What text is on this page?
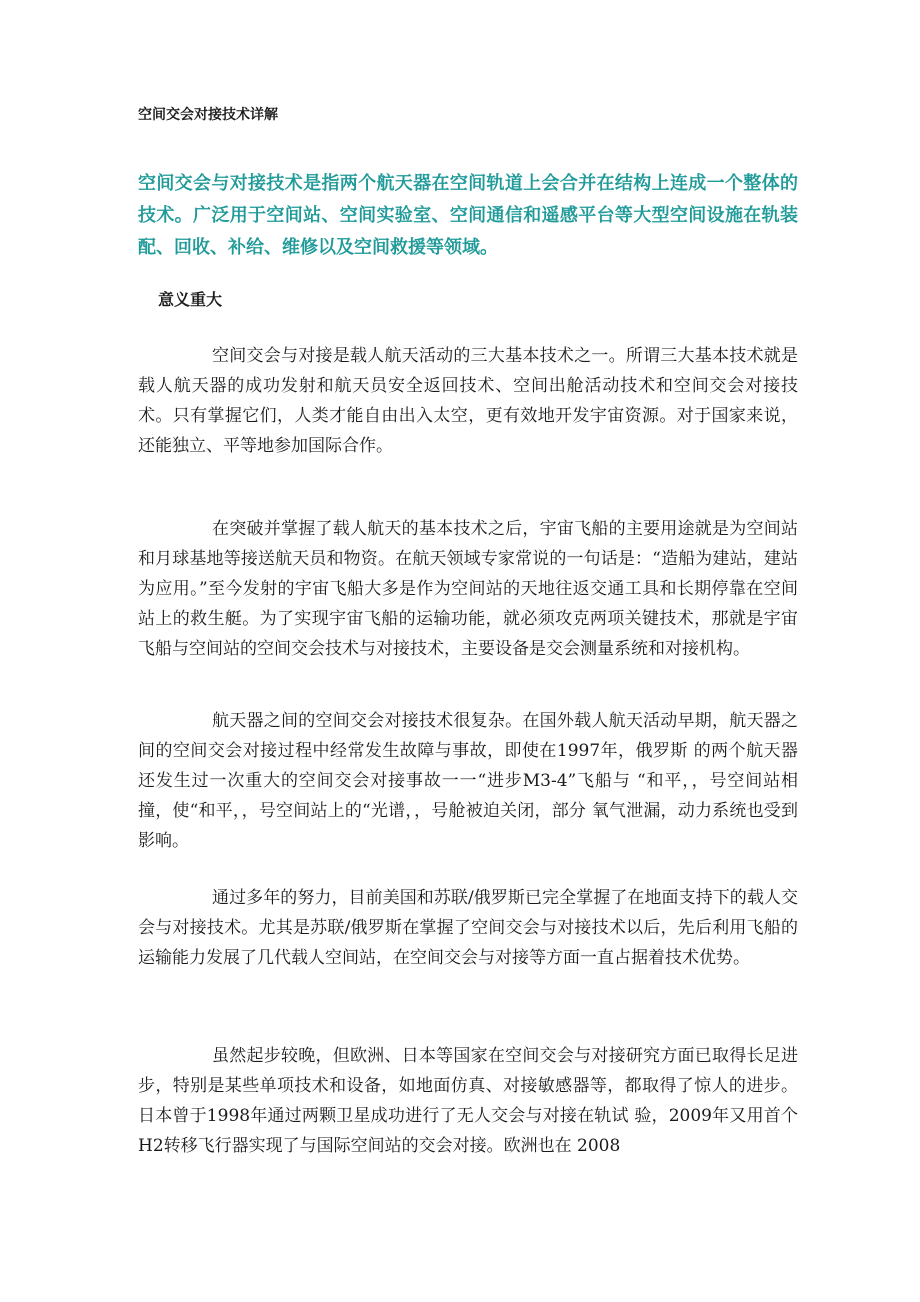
空间交会对接技术详解

空间交会与对接技术是指两个航天器在空间轨道上会合并在结构上连成一个整体的技术。广泛用于空间站、空间实验室、空间通信和遥感平台等大型空间设施在轨装配、回收、补给、维修以及空间救援等领域。

意义重大

空间交会与对接是载人航天活动的三大基本技术之一。所谓三大基本技术就是载人航天器的成功发射和航天员安全返回技术、空间出舱活动技术和空间交会对接技术。只有掌握它们，人类才能自由出入太空，更有效地开发宇宙资源。对于国家来说，还能独立、平等地参加国际合作。

在突破并掌握了载人航天的基本技术之后，宇宙飞船的主要用途就是为空间站和月球基地等接送航天员和物资。在航天领域专家常说的一句话是：“造船为建站，建站为应用。”至今发射的宇宙飞船大多是作为空间站的天地往返交通工具和长期停靠在空间站上的救生艇。为了实现宇宙飞船的运输功能，就必须攻克两项关键技术，那就是宇宙飞船与空间站的空间交会技术与对接技术，主要设备是交会测量系统和对接机构。

航天器之间的空间交会对接技术很复杂。在国外载人航天活动早期，航天器之间的空间交会对接过程中经常发生故障与事故，即使在1997年，俄罗斯 的两个航天器还发生过一次重大的空间交会对接事故一一“进步M3-4”飞船与 “和平，，号空间站相撞，使“和平，，号空间站上的“光谱，，号舱被迫关闭，部分 氧气泄漏，动力系统也受到影响。

通过多年的努力，目前美国和苏联/俄罗斯已完全掌握了在地面支持下的载人交会与对接技术。尤其是苏联/俄罗斯在掌握了空间交会与对接技术以后，先后利用飞船的运输能力发展了几代载人空间站，在空间交会与对接等方面一直占据着技术优势。

虽然起步较晚，但欧洲、日本等国家在空间交会与对接研究方面已取得长足进步，特别是某些单项技术和设备，如地面仿真、对接敏感器等，都取得了惊人的进步。日本曾于1998年通过两颗卫星成功进行了无人交会与对接在轨试 验，2009年又用首个H2转移飞行器实现了与国际空间站的交会对接。欧洲也在 2008
